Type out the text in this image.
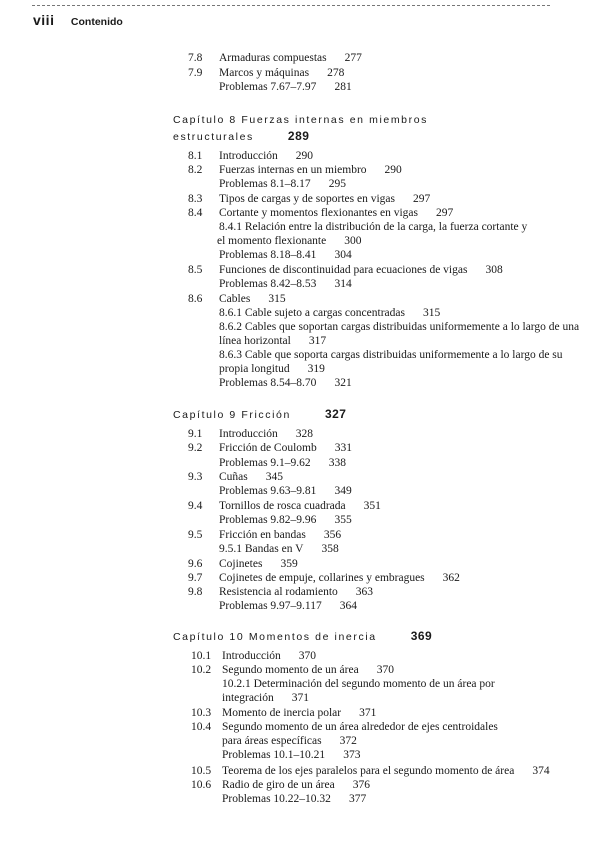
viii Contenido
7.8 Armaduras compuestas 277
7.9 Marcos y máquinas 278
Problemas 7.67–7.97 281
Capítulo 8 Fuerzas internas en miembros
estructurales	289
8.1 Introducción 290
8.2 Fuerzas internas en un miembro 290
Problemas 8.1–8.17 295
8.3 Tipos de cargas y de soportes en vigas 297
8.4 Cortante y momentos flexionantes en vigas 297
8.4.1 Relación entre la distribución de la carga, la fuerza cortante y
el momento flexionante 300
Problemas 8.18–8.41 304
8.5 Funciones de discontinuidad para ecuaciones de vigas 308
Problemas 8.42–8.53 314
8.6 Cables 315
8.6.1 Cable sujeto a cargas concentradas 315
8.6.2 Cables que soportan cargas distribuidas uniformemente a lo largo de una
línea horizontal 317
8.6.3 Cable que soporta cargas distribuidas uniformemente a lo largo de su
propia longitud 319
Problemas 8.54–8.70 321
Capítulo 9 Fricción	327
9.1 Introducción 328
9.2 Fricción de Coulomb 331
Problemas 9.1–9.62 338
9.3 Cuñas 345
Problemas 9.63–9.81 349
9.4 Tornillos de rosca cuadrada 351
Problemas 9.82–9.96 355
9.5 Fricción en bandas 356
9.5.1 Bandas en V 358
9.6 Cojinetes 359
9.7 Cojinetes de empuje, collarines y embragues 362
9.8 Resistencia al rodamiento 363
Problemas 9.97–9.117 364
Capítulo 10 Momentos de inercia	369
10.1 Introducción 370
10.2 Segundo momento de un área 370
10.2.1 Determinación del segundo momento de un área por
integración 371
10.3 Momento de inercia polar 371
10.4 Segundo momento de un área alrededor de ejes centroidales
para áreas específicas 372
Problemas 10.1–10.21 373
10.5 Teorema de los ejes paralelos para el segundo momento de área 374
10.6 Radio de giro de un área 376
Problemas 10.22–10.32 377
